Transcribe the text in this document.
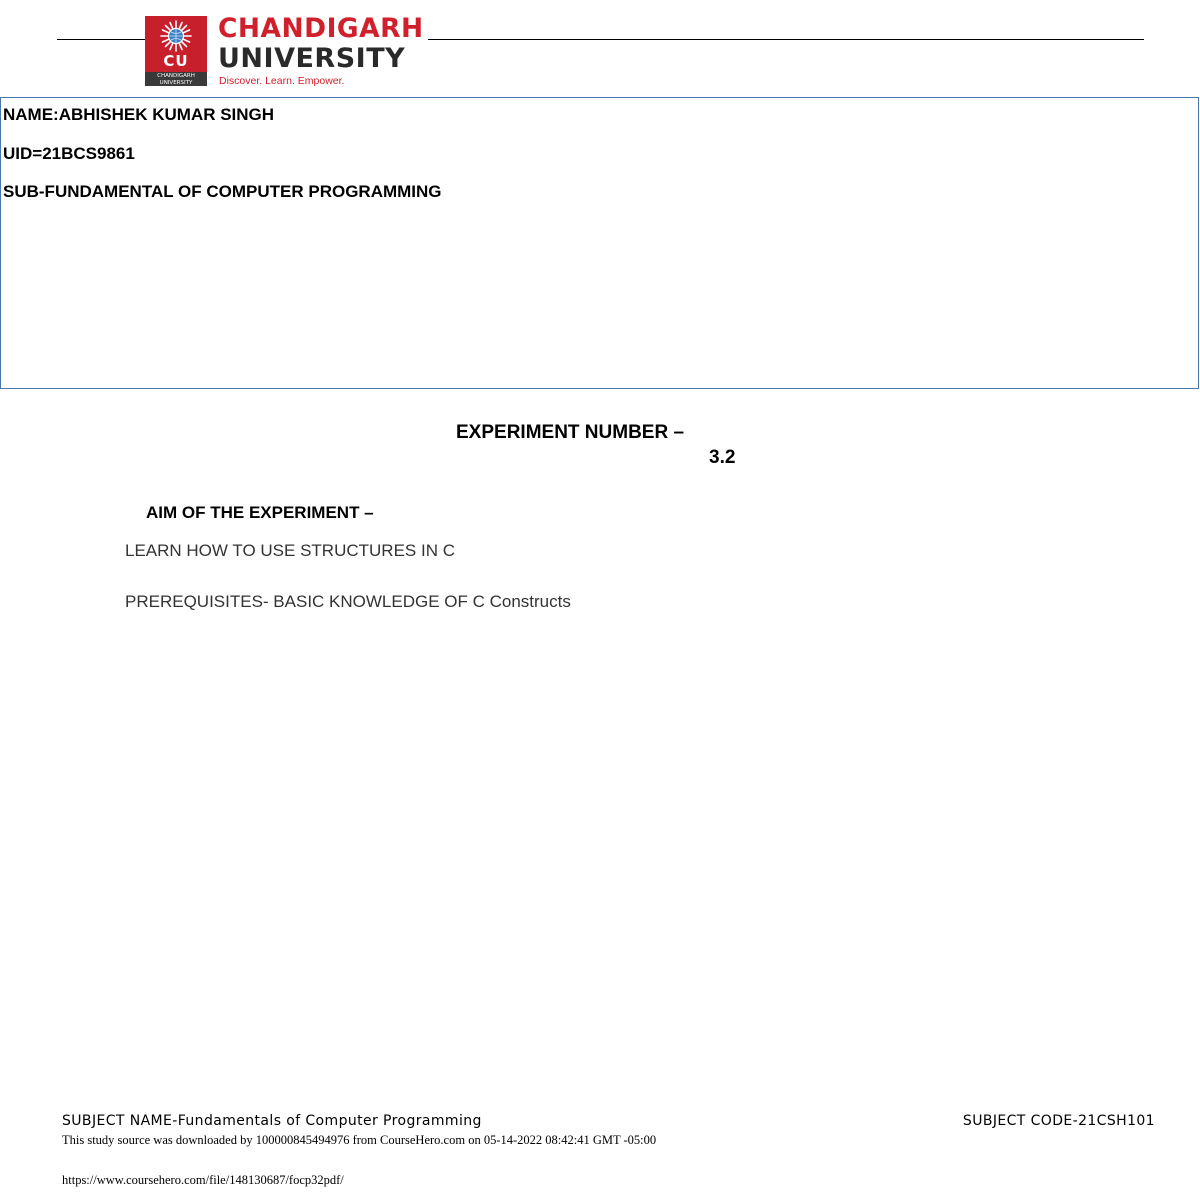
CU
CHANDIGARH
UNIVERSITY
CHANDIGARH
UNIVERSITY
Discover. Learn. Empower.
NAME:ABHISHEK KUMAR SINGH
UID=21BCS9861
SUB-FUNDAMENTAL OF COMPUTER PROGRAMMING
EXPERIMENT NUMBER –
3.2
AIM OF THE EXPERIMENT –
LEARN HOW TO USE STRUCTURES IN C
PREREQUISITES- BASIC KNOWLEDGE OF C Constructs
SUBJECT NAME-Fundamentals of Computer Programming	SUBJECT CODE-21CSH101
This study source was downloaded by 100000845494976 from CourseHero.com on 05-14-2022 08:42:41 GMT -05:00
https://www.coursehero.com/file/148130687/focp32pdf/
